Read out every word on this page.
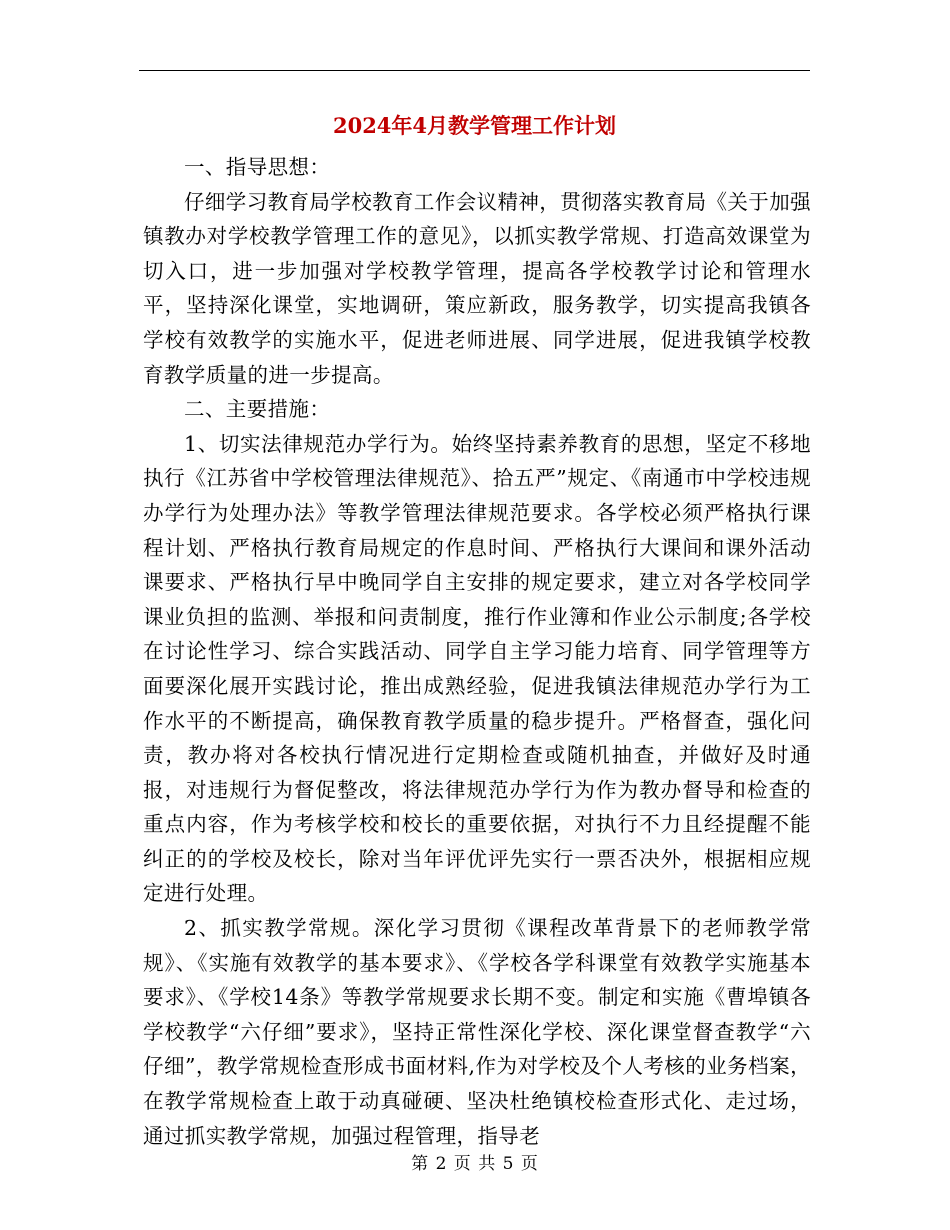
2024年4月教学管理工作计划

一、指导思想：

仔细学习教育局学校教育工作会议精神，贯彻落实教育局《关于加强镇教办对学校教学管理工作的意见》，以抓实教学常规、打造高效课堂为切入口，进一步加强对学校教学管理，提高各学校教学讨论和管理水平，坚持深化课堂，实地调研，策应新政，服务教学，切实提高我镇各学校有效教学的实施水平，促进老师进展、同学进展，促进我镇学校教育教学质量的进一步提高。

二、主要措施：

1、切实法律规范办学行为。始终坚持素养教育的思想，坚定不移地执行《江苏省中学校管理法律规范》、拾五严”规定、《南通市中学校违规办学行为处理办法》等教学管理法律规范要求。各学校必须严格执行课程计划、严格执行教育局规定的作息时间、严格执行大课间和课外活动课要求、严格执行早中晚同学自主安排的规定要求，建立对各学校同学课业负担的监测、举报和问责制度，推行作业簿和作业公示制度;各学校在讨论性学习、综合实践活动、同学自主学习能力培育、同学管理等方面要深化展开实践讨论，推出成熟经验，促进我镇法律规范办学行为工作水平的不断提高，确保教育教学质量的稳步提升。严格督查，强化问责，教办将对各校执行情况进行定期检查或随机抽查，并做好及时通报，对违规行为督促整改，将法律规范办学行为作为教办督导和检查的重点内容，作为考核学校和校长的重要依据，对执行不力且经提醒不能纠正的的学校及校长，除对当年评优评先实行一票否决外，根据相应规定进行处理。

2、抓实教学常规。深化学习贯彻《课程改革背景下的老师教学常规》、《实施有效教学的基本要求》、《学校各学科课堂有效教学实施基本要求》、《学校14条》等教学常规要求长期不变。制定和实施《曹埠镇各学校教学“六仔细”要求》，坚持正常性深化学校、深化课堂督查教学“六仔细”，教学常规检查形成书面材料,作为对学校及个人考核的业务档案，在教学常规检查上敢于动真碰硬、坚决杜绝镇校检查形式化、走过场，通过抓实教学常规，加强过程管理，指导老

第 2 页 共 5 页
